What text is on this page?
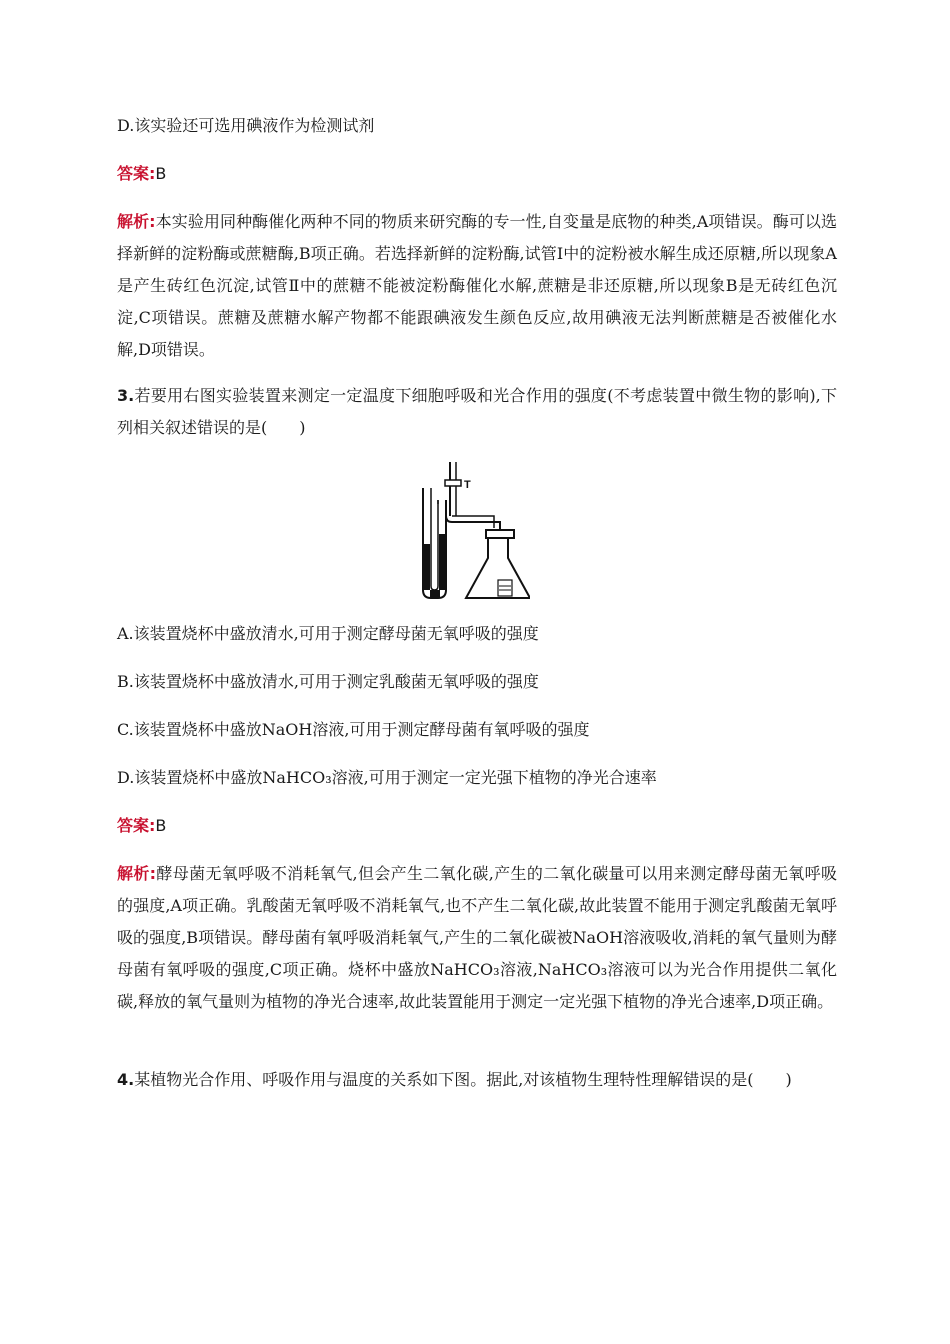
D.该实验还可选用碘液作为检测试剂
答案:B
解析:本实验用同种酶催化两种不同的物质来研究酶的专一性,自变量是底物的种类,A项错误。酶可以选择新鲜的淀粉酶或蔗糖酶,B项正确。若选择新鲜的淀粉酶,试管Ⅰ中的淀粉被水解生成还原糖,所以现象A是产生砖红色沉淀,试管Ⅱ中的蔗糖不能被淀粉酶催化水解,蔗糖是非还原糖,所以现象B是无砖红色沉淀,C项错误。蔗糖及蔗糖水解产物都不能跟碘液发生颜色反应,故用碘液无法判断蔗糖是否被催化水解,D项错误。
3.若要用右图实验装置来测定一定温度下细胞呼吸和光合作用的强度(不考虑装置中微生物的影响),下列相关叙述错误的是(　　)
T
A.该装置烧杯中盛放清水,可用于测定酵母菌无氧呼吸的强度
B.该装置烧杯中盛放清水,可用于测定乳酸菌无氧呼吸的强度
C.该装置烧杯中盛放NaOH溶液,可用于测定酵母菌有氧呼吸的强度
D.该装置烧杯中盛放NaHCO₃溶液,可用于测定一定光强下植物的净光合速率
答案:B
解析:酵母菌无氧呼吸不消耗氧气,但会产生二氧化碳,产生的二氧化碳量可以用来测定酵母菌无氧呼吸的强度,A项正确。乳酸菌无氧呼吸不消耗氧气,也不产生二氧化碳,故此装置不能用于测定乳酸菌无氧呼吸的强度,B项错误。酵母菌有氧呼吸消耗氧气,产生的二氧化碳被NaOH溶液吸收,消耗的氧气量则为酵母菌有氧呼吸的强度,C项正确。烧杯中盛放NaHCO₃溶液,NaHCO₃溶液可以为光合作用提供二氧化碳,释放的氧气量则为植物的净光合速率,故此装置能用于测定一定光强下植物的净光合速率,D项正确。
4.某植物光合作用、呼吸作用与温度的关系如下图。据此,对该植物生理特性理解错误的是(　　)
